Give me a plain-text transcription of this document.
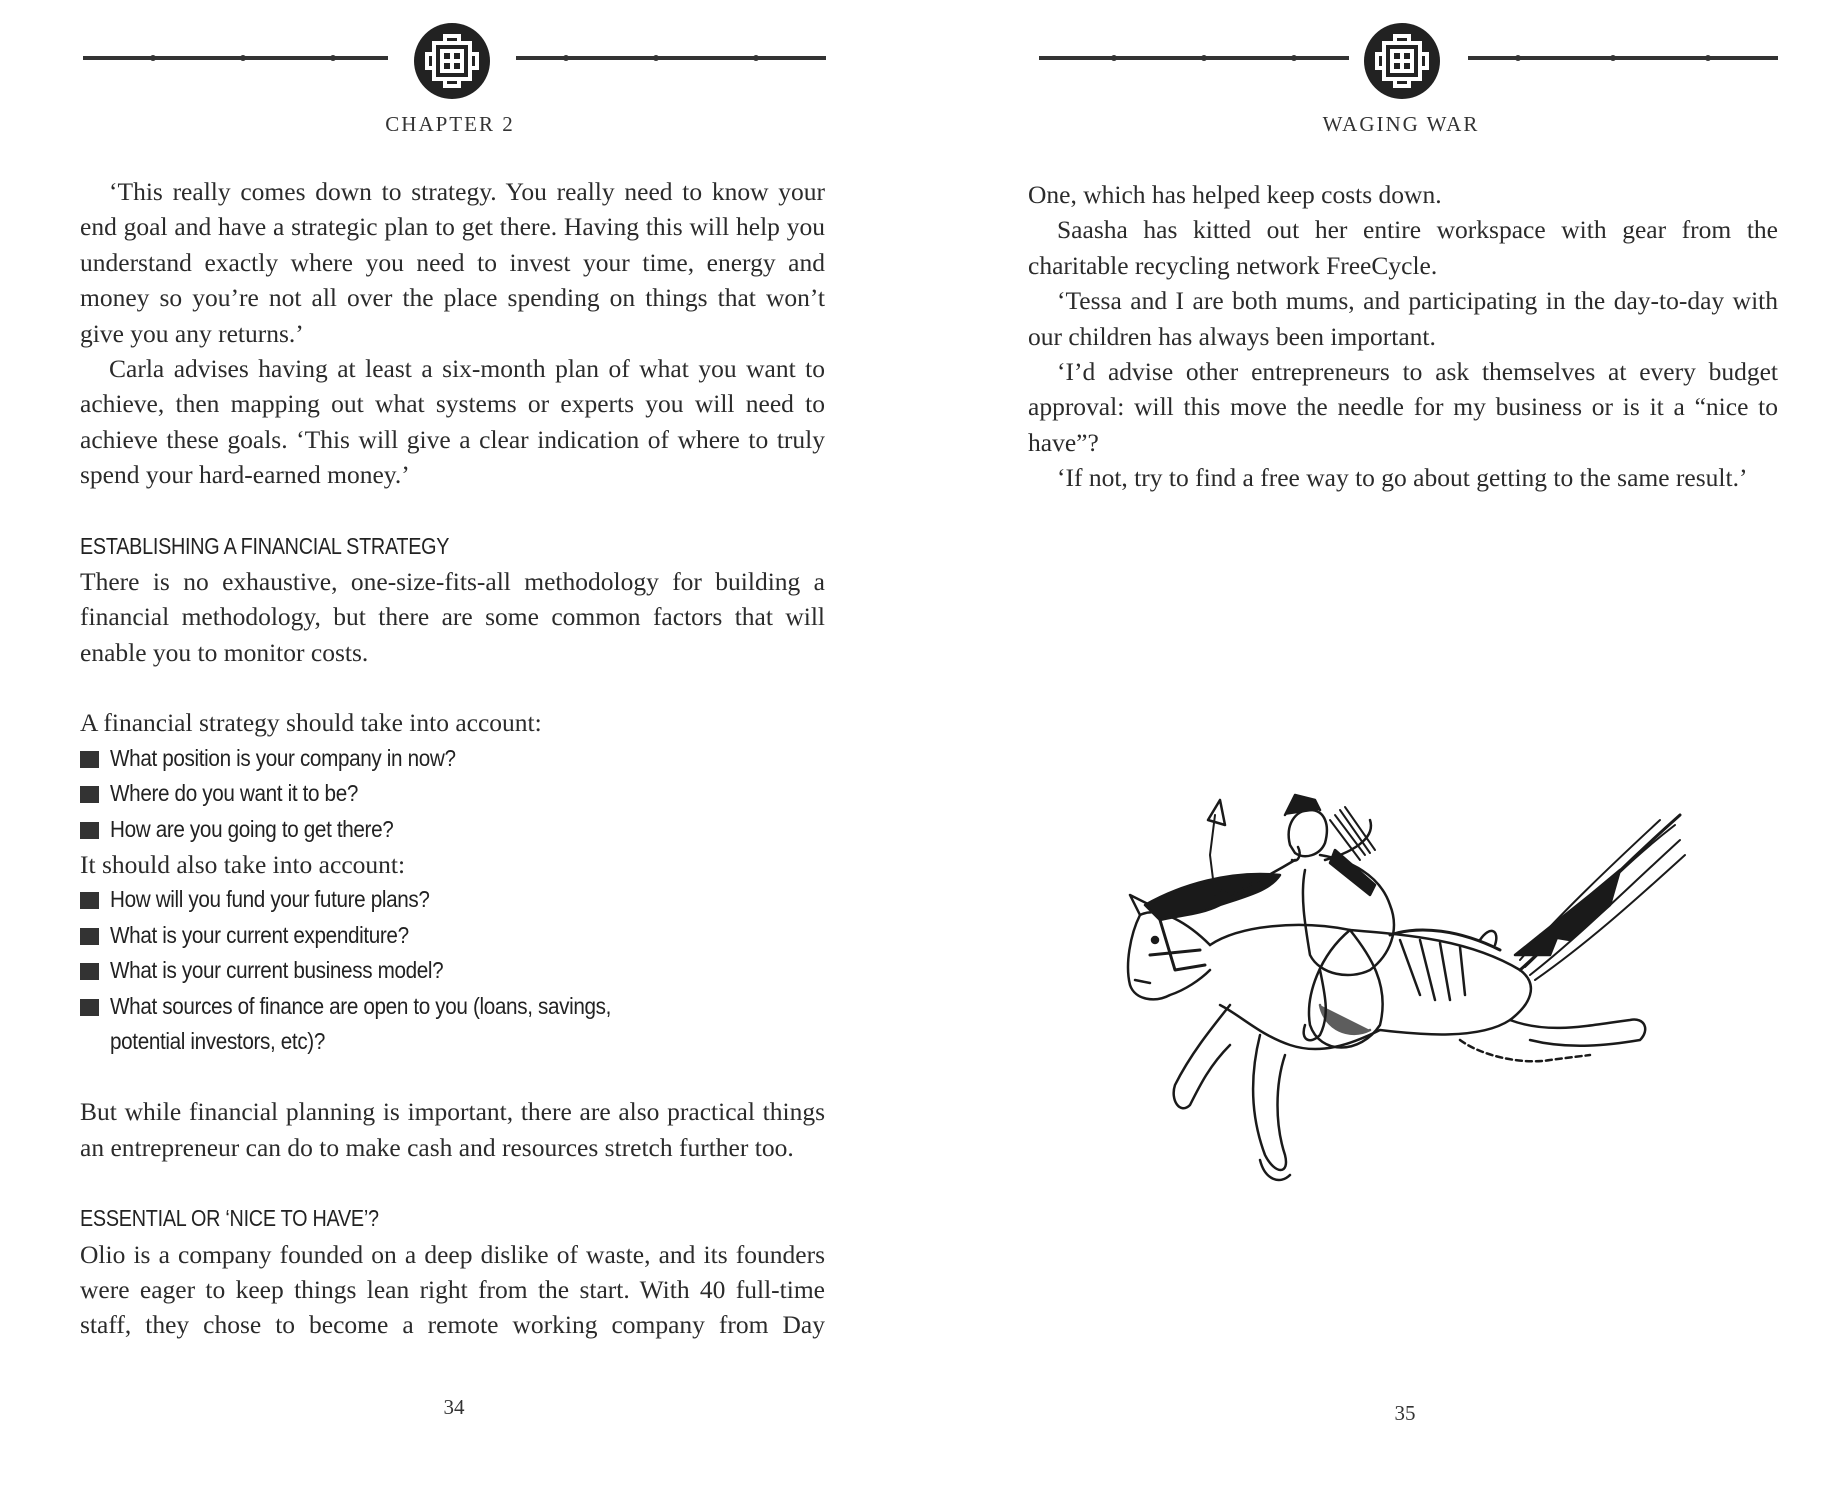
CHAPTER 2

‘This really comes down to strategy. You really need to know your end goal and have a strategic plan to get there. Having this will help you understand exactly where you need to invest your time, energy and money so you’re not all over the place spending on things that won’t give you any returns.’

Carla advises having at least a six-month plan of what you want to achieve, then mapping out what systems or experts you will need to achieve these goals. ‘This will give a clear indication of where to truly spend your hard-earned money.’

ESTABLISHING A FINANCIAL STRATEGY

There is no exhaustive, one-size-fits-all methodology for building a financial methodology, but there are some common factors that will enable you to monitor costs.

A financial strategy should take into account:

What position is your company in now?
Where do you want it to be?
How are you going to get there?

It should also take into account:

How will you fund your future plans?
What is your current expenditure?
What is your current business model?
What sources of finance are open to you (loans, savings,
potential investors, etc)?

But while financial planning is important, there are also practical things an entrepreneur can do to make cash and resources stretch further too.

ESSENTIAL OR ‘NICE TO HAVE’?

Olio is a company founded on a deep dislike of waste, and its founders were eager to keep things lean right from the start. With 40 full-time staff, they chose to become a remote working company from Day

34
WAGING WAR

One, which has helped keep costs down.

Saasha has kitted out her entire workspace with gear from the charitable recycling network FreeCycle.

‘Tessa and I are both mums, and participating in the day-to-day with our children has always been important.

‘I’d advise other entrepreneurs to ask themselves at every budget approval: will this move the needle for my business or is it a “nice to have”?

‘If not, try to find a free way to go about getting to the same result.’

35
